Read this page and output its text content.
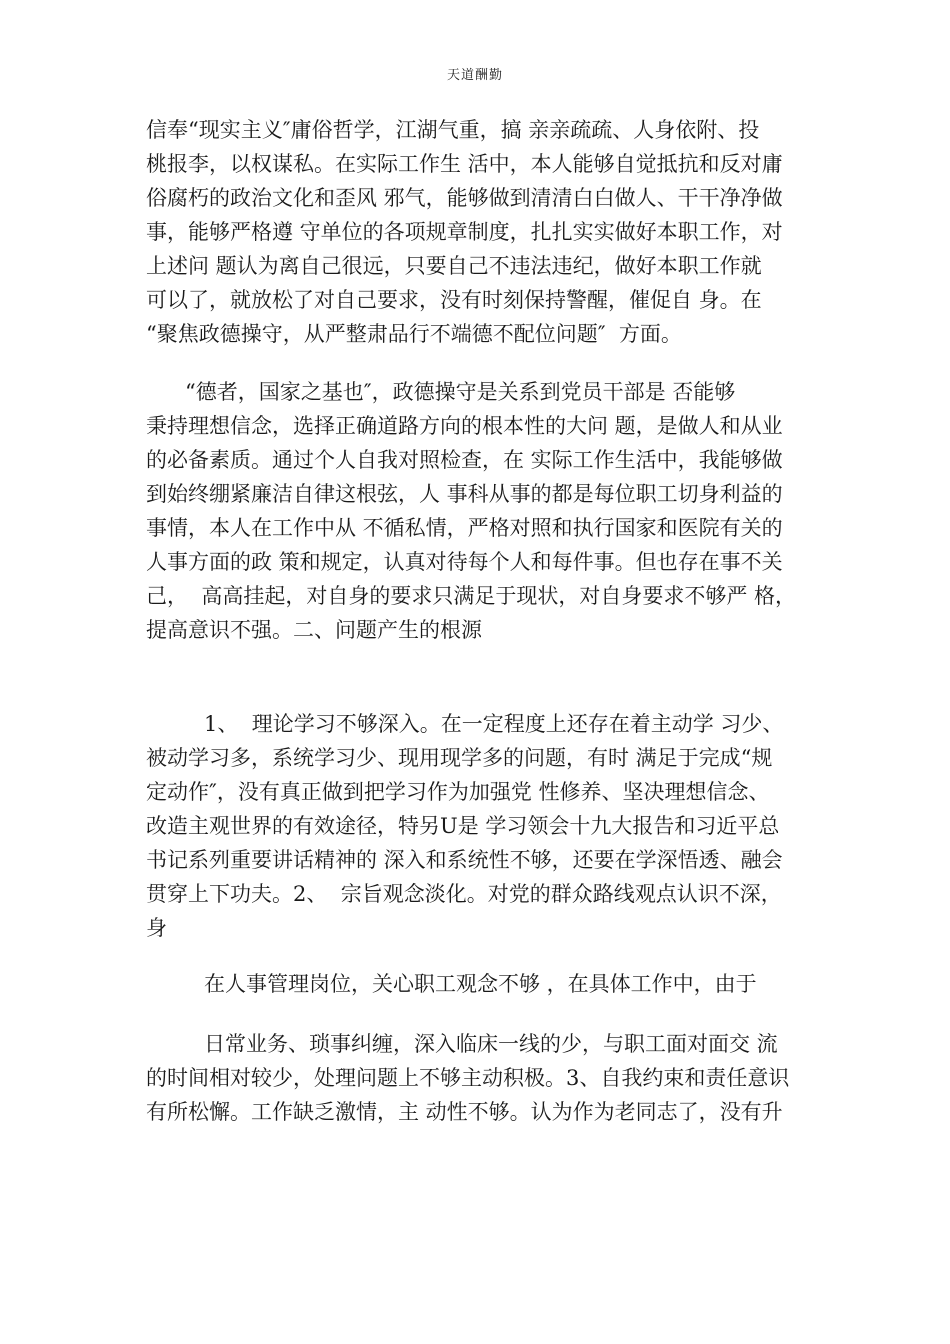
天道酬勤
信奉“现实主义″庸俗哲学，江湖气重，搞 亲亲疏疏、人身依附、投
桃报李，以权谋私。在实际工作生 活中，本人能够自觉抵抗和反对庸
俗腐朽的政治文化和歪风 邪气，能够做到清清白白做人、干干净净做
事，能够严格遵 守单位的各项规章制度，扎扎实实做好本职工作，对
上述问 题认为离自己很远，只要自己不违法违纪，做好本职工作就
可以了，就放松了对自己要求，没有时刻保持警醒，催促自 身。在
“聚焦政德操守，从严整肃品行不端德不配位问题″  方面。
“德者，国家之基也″，政德操守是关系到党员干部是 否能够
秉持理想信念，选择正确道路方向的根本性的大问 题，是做人和从业
的必备素质。通过个人自我对照检查，在 实际工作生活中，我能够做
到始终绷紧廉洁自律这根弦，人 事科从事的都是每位职工切身利益的
事情，本人在工作中从 不循私情，严格对照和执行国家和医院有关的
人事方面的政 策和规定，认真对待每个人和每件事。但也存在事不关
己，  高高挂起，对自身的要求只满足于现状，对自身要求不够严 格，
提高意识不强。二、问题产生的根源
1、  理论学习不够深入。在一定程度上还存在着主动学 习少、
被动学习多，系统学习少、现用现学多的问题，有时 满足于完成“规
定动作″，没有真正做到把学习作为加强党 性修养、坚决理想信念、
改造主观世界的有效途径，特另U是 学习领会十九大报告和习近平总
书记系列重要讲话精神的 深入和系统性不够，还要在学深悟透、融会
贯穿上下功夫。2、  宗旨观念淡化。对党的群众路线观点认识不深，
身
在人事管理岗位，关心职工观念不够 ，在具体工作中，由于
日常业务、琐事纠缠，深入临床一线的少，与职工面对面交 流
的时间相对较少，处理问题上不够主动积极。3、自我约束和责任意识
有所松懈。工作缺乏激情，主 动性不够。认为作为老同志了，没有升
